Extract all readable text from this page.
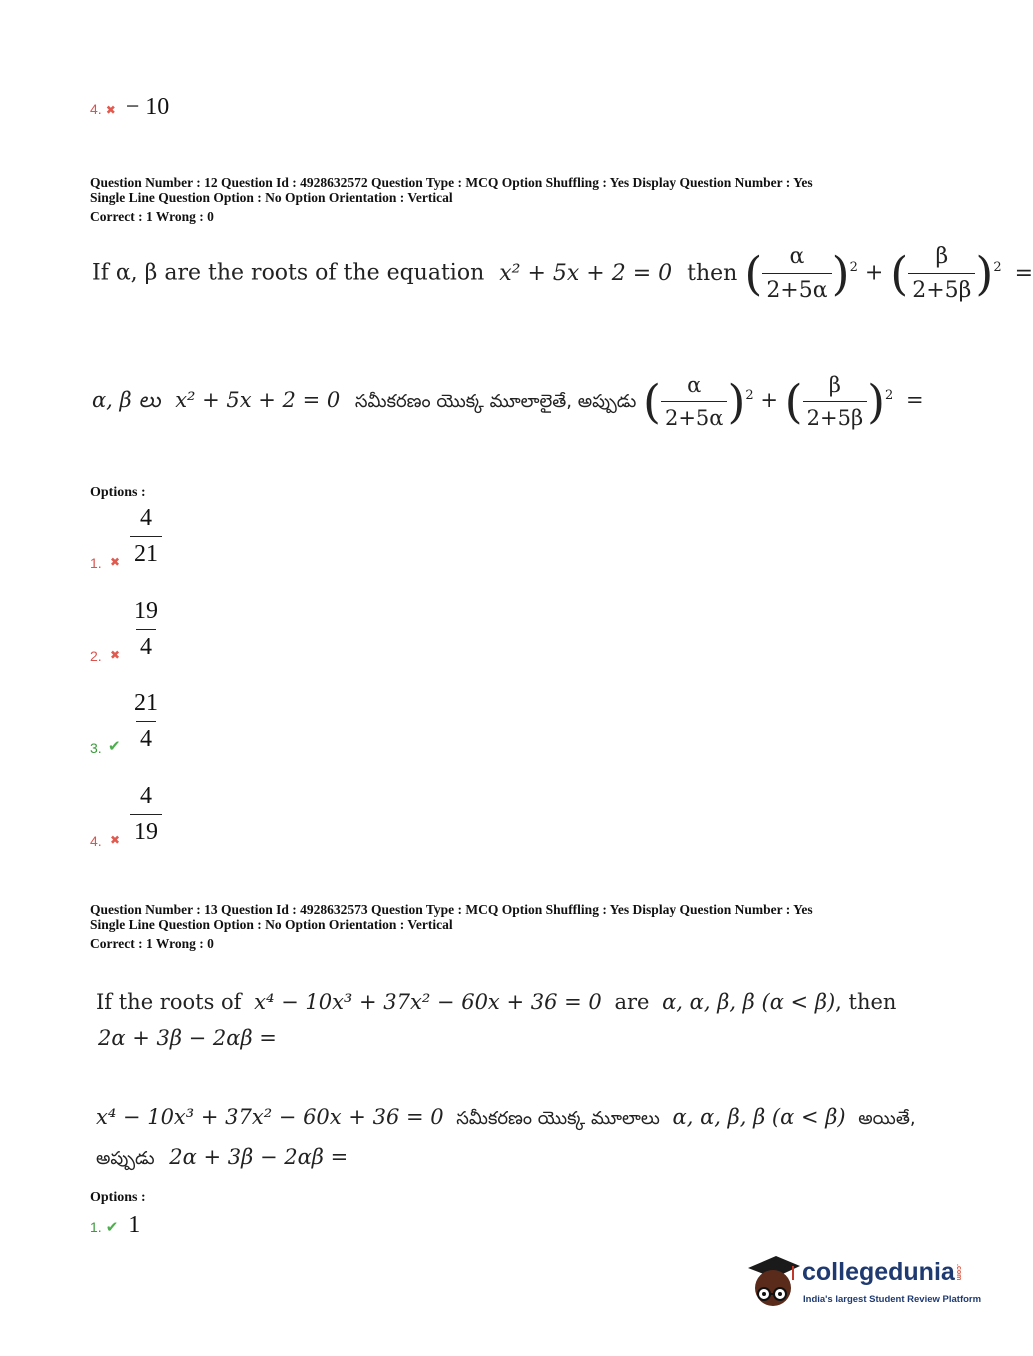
4. ✖ − 10
Question Number : 12 Question Id : 4928632572 Question Type : MCQ Option Shuffling : Yes Display Question Number : Yes
Single Line Question Option : No Option Orientation : Vertical
Correct : 1 Wrong : 0
If α, β are the roots of the equation x² + 5x + 2 = 0 then ( $\frac{\alpha}{2+5\alpha} )^2$ + ( $\frac{\beta}{2+5\beta} )^2$ =
α, β లు x² + 5x + 2 = 0 సమీకరణం యొక్క మూలాలైతే, అప్పుడు ( $\frac{\alpha}{2+5\alpha} )^2$ + ( $\frac{\beta}{2+5\beta} )^2$ =
Options :
1. ✖ $\frac{4}{21}$
2. ✖ $\frac{19}{4}$
3. ✔ $\frac{21}{4}$
4. ✖ $\frac{4}{19}$
Question Number : 13 Question Id : 4928632573 Question Type : MCQ Option Shuffling : Yes Display Question Number : Yes
Single Line Question Option : No Option Orientation : Vertical
Correct : 1 Wrong : 0
If the roots of x⁴ − 10x³ + 37x² − 60x + 36 = 0 are α, α, β, β (α < β), then
2α + 3β − 2αβ =
x⁴ − 10x³ + 37x² − 60x + 36 = 0 సమీకరణం యొక్క మూలాలు α, α, β, β (α < β) అయితే,
అప్పుడు 2α + 3β − 2αβ =
Options :
1. ✔ 1
collegedunia.com
India's largest Student Review Platform
